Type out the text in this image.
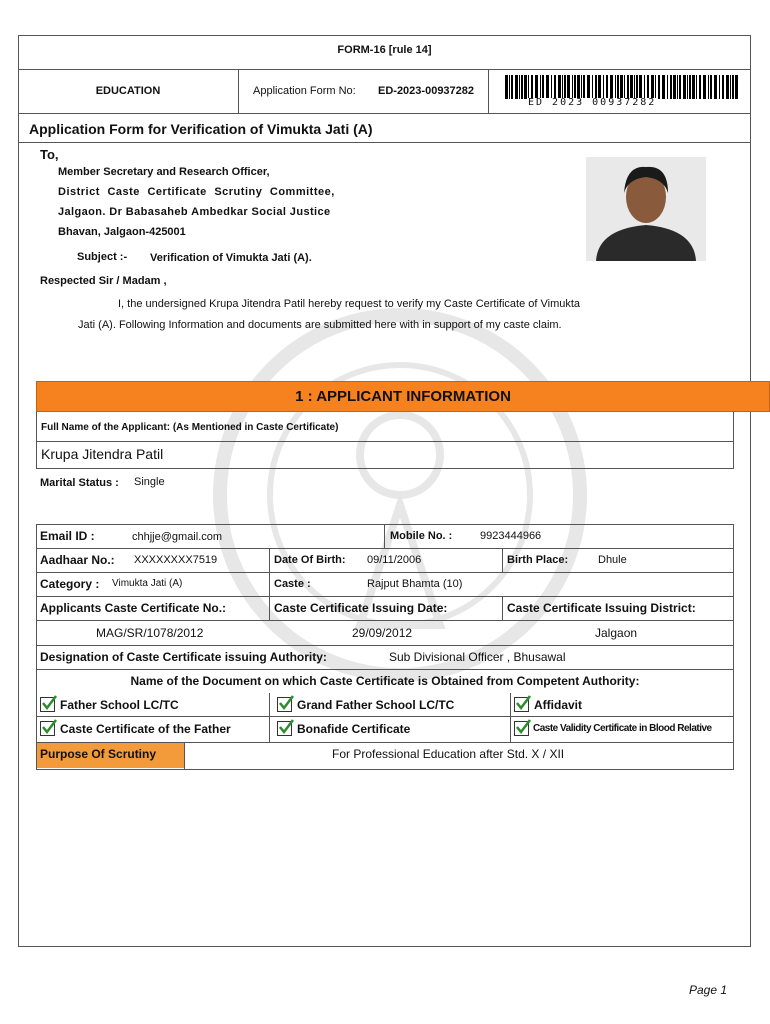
FORM-16 [rule 14]
EDUCATION	Application Form No: ED-2023-00937282
ED 2023 00937282
Application Form for Verification of Vimukta Jati (A)
To,
Member Secretary and Research Officer,
District Caste Certificate Scrutiny Committee,
Jalgaon. Dr Babasaheb Ambedkar Social Justice
Bhavan, Jalgaon-425001
Subject :- Verification of Vimukta Jati (A).
Respected Sir / Madam ,
I, the undersigned Krupa Jitendra Patil hereby request to verify my Caste Certificate of Vimukta
Jati (A). Following Information and documents are submitted here with in support of my caste claim.
1 : APPLICANT INFORMATION
Full Name of the Applicant: (As Mentioned in Caste Certificate)
Krupa Jitendra Patil
Marital Status : Single
Email ID :	chhjje@gmail.com	Mobile No. :	9923444966
Aadhaar No.: XXXXXXXX7519	Date Of Birth: 09/11/2006	Birth Place:	Dhule
Category : Vimukta Jati (A)	Caste :	Rajput Bhamta (10)
Applicants Caste Certificate No.:	Caste Certificate Issuing Date:	Caste Certificate Issuing District:
MAG/SR/1078/2012	29/09/2012	Jalgaon
Designation of Caste Certificate issuing Authority:	Sub Divisional Officer , Bhusawal
Name of the Document on which Caste Certificate is Obtained from Competent Authority:
Father School LC/TC	Grand Father School LC/TC	Affidavit
Caste Certificate of the Father	Bonafide Certificate	Caste Validity Certificate in Blood Relative
Purpose Of Scrutiny	For Professional Education after Std. X / XII
Page 1
